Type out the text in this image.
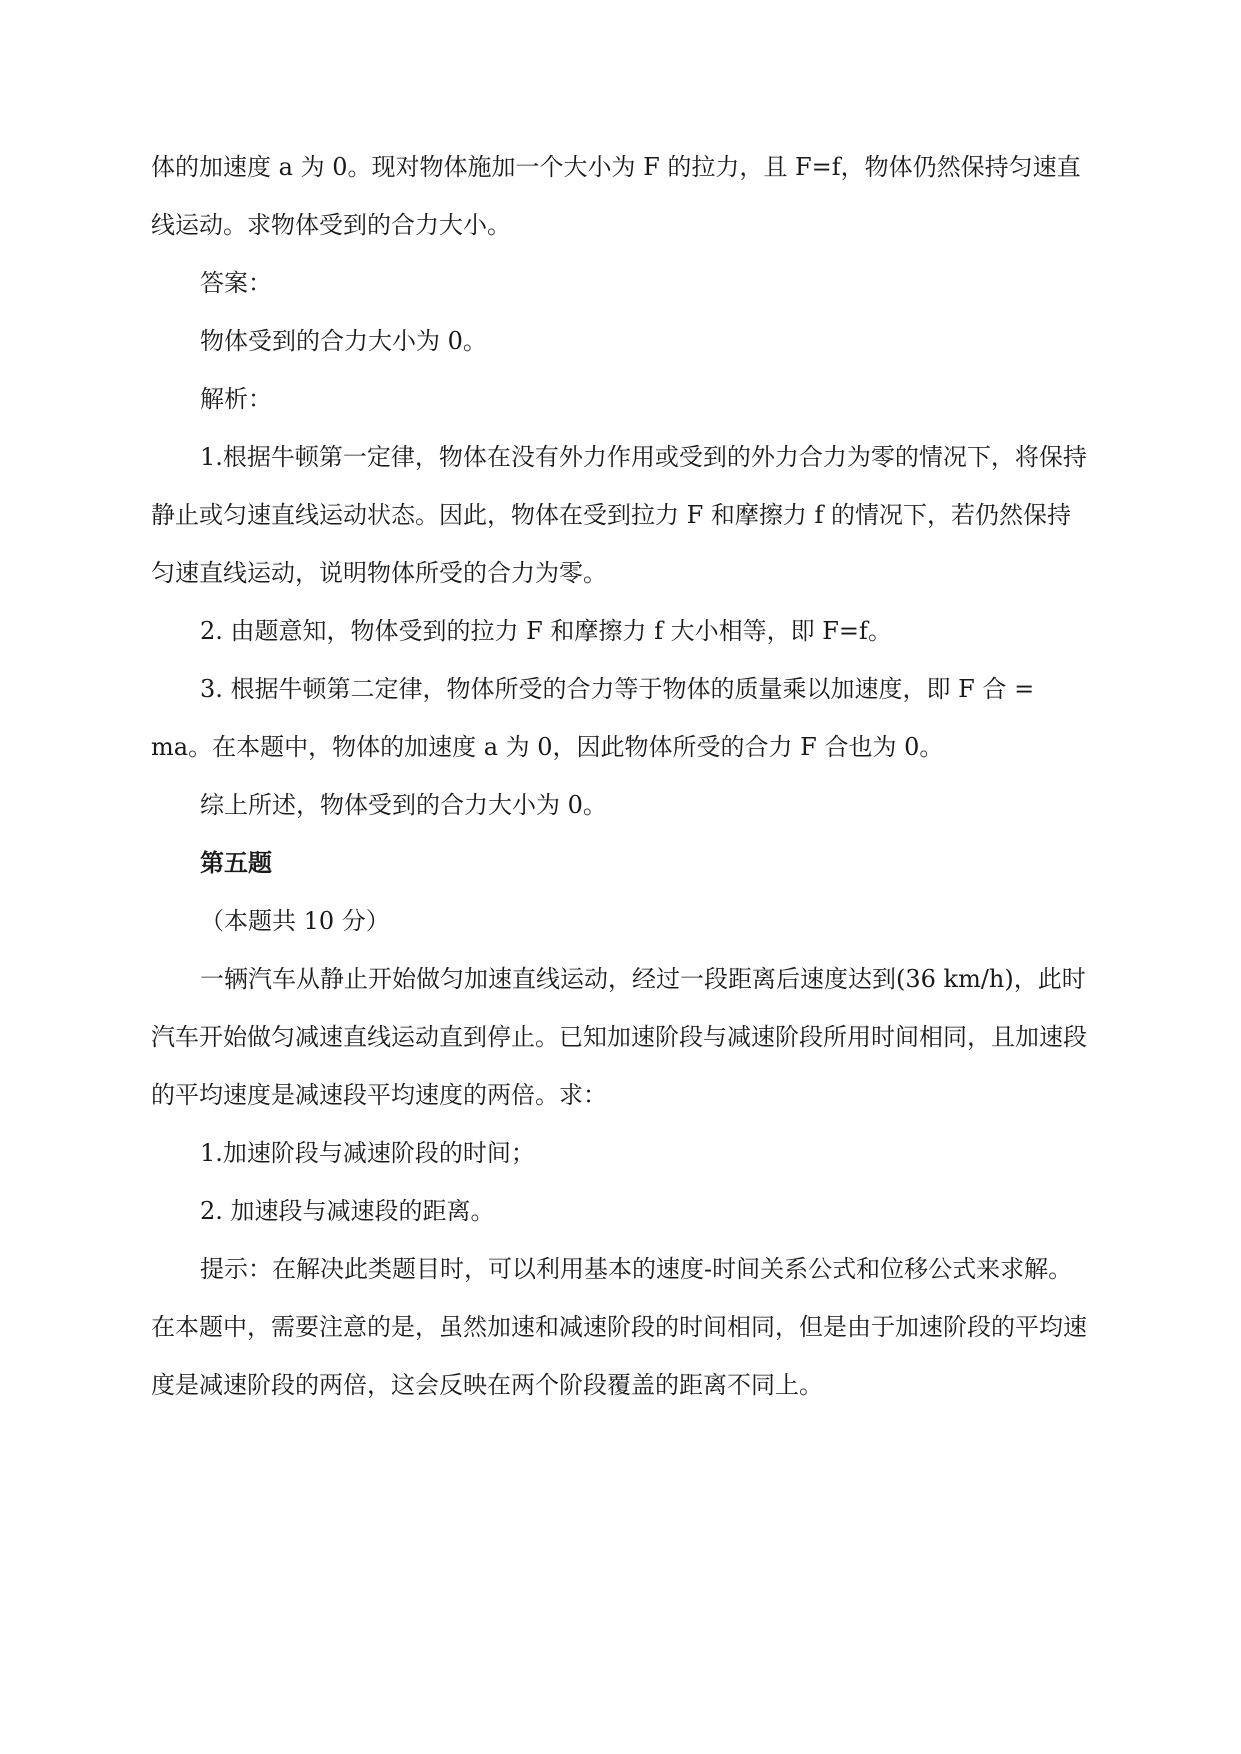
体的加速度 a 为 0。现对物体施加一个大小为 F 的拉力，且 F=f，物体仍然保持匀速直线运动。求物体受到的合力大小。

答案：

物体受到的合力大小为 0。

解析：

1.根据牛顿第一定律，物体在没有外力作用或受到的外力合力为零的情况下，将保持静止或匀速直线运动状态。因此，物体在受到拉力 F 和摩擦力 f 的情况下，若仍然保持匀速直线运动，说明物体所受的合力为零。

2. 由题意知，物体受到的拉力 F 和摩擦力 f 大小相等，即 F=f。

3. 根据牛顿第二定律，物体所受的合力等于物体的质量乘以加速度，即 F 合 = ma。在本题中，物体的加速度 a 为 0，因此物体所受的合力 F 合也为 0。

综上所述，物体受到的合力大小为 0。

第五题

（本题共 10 分）

一辆汽车从静止开始做匀加速直线运动，经过一段距离后速度达到(36 km/h)，此时汽车开始做匀减速直线运动直到停止。已知加速阶段与减速阶段所用时间相同，且加速段的平均速度是减速段平均速度的两倍。求：

1.加速阶段与减速阶段的时间；

2. 加速段与减速段的距离。

提示：在解决此类题目时，可以利用基本的速度-时间关系公式和位移公式来求解。在本题中，需要注意的是，虽然加速和减速阶段的时间相同，但是由于加速阶段的平均速度是减速阶段的两倍，这会反映在两个阶段覆盖的距离不同上。
